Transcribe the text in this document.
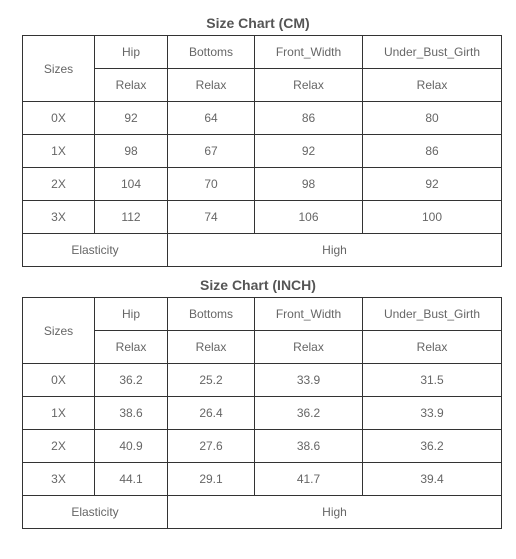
Size Chart (CM)
Sizes	Hip	Bottoms	Front_Width	Under_Bust_Girth
	Relax	Relax	Relax	Relax
0X	92	64	86	80
1X	98	67	92	86
2X	104	70	98	92
3X	112	74	106	100
Elasticity		High		
Size Chart (INCH)
Sizes	Hip	Bottoms	Front_Width	Under_Bust_Girth
	Relax	Relax	Relax	Relax
0X	36.2	25.2	33.9	31.5
1X	38.6	26.4	36.2	33.9
2X	40.9	27.6	38.6	36.2
3X	44.1	29.1	41.7	39.4
Elasticity		High		
